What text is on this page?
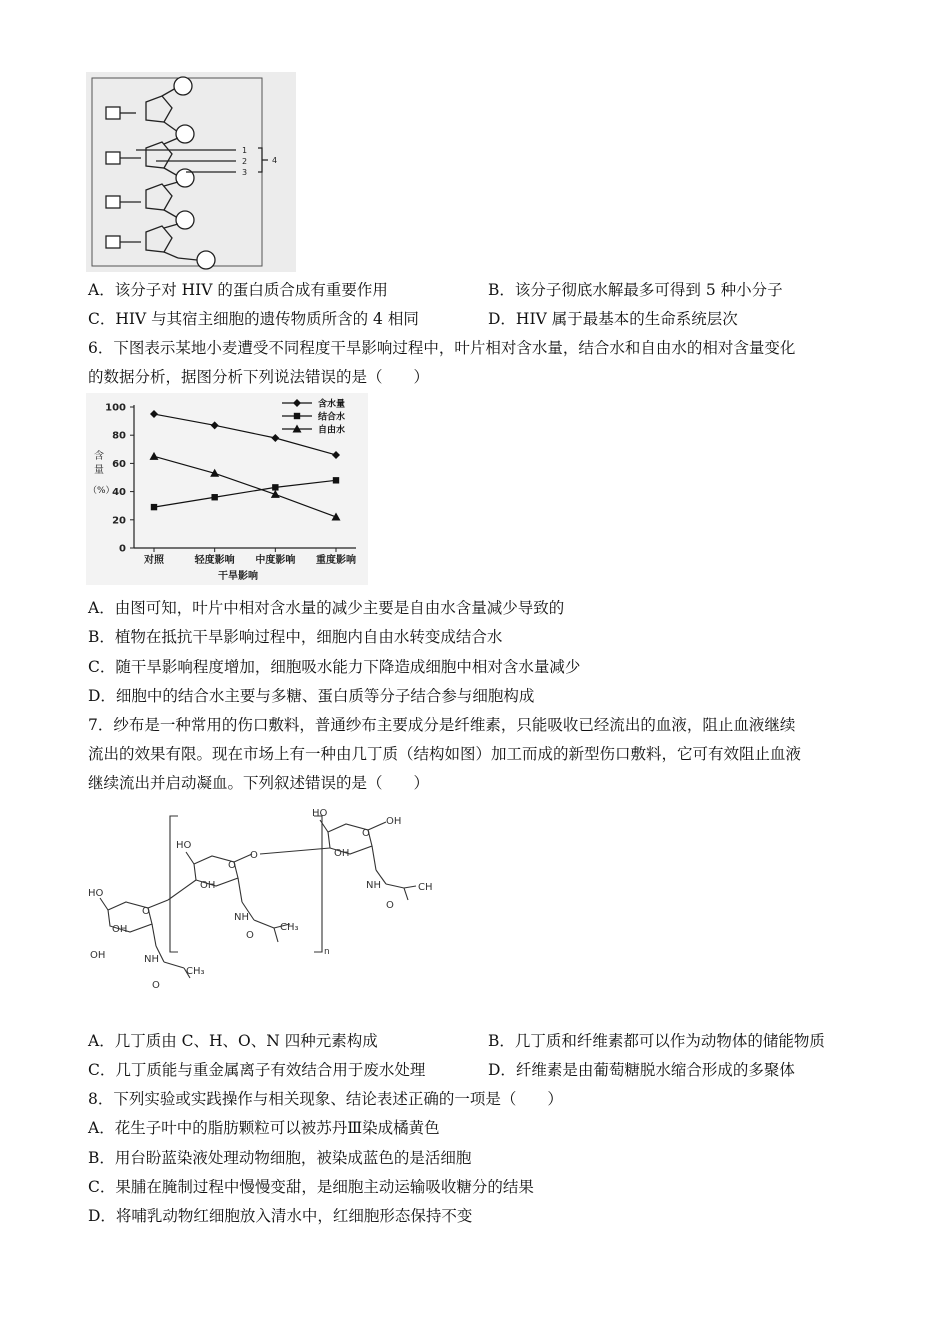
1
2
3
4
A．该分子对 HIV 的蛋白质合成有重要作用	B．该分子彻底水解最多可得到 5 种小分子
C．HIV 与其宿主细胞的遗传物质所含的 4 相同	D．HIV 属于最基本的生命系统层次
6．下图表示某地小麦遭受不同程度干旱影响过程中，叶片相对含水量，结合水和自由水的相对含量变化
的数据分析，据图分析下列说法错误的是（　　）
含
量
（%）
0
20
40
60
80
100
对照	轻度影响 中度影响 重度影响
干旱影响
含水量
结合水
自由水
A．由图可知，叶片中相对含水量的减少主要是自由水含量减少导致的
B．植物在抵抗干旱影响过程中，细胞内自由水转变成结合水
C．随干旱影响程度增加，细胞吸水能力下降造成细胞中相对含水量减少
D．细胞中的结合水主要与多糖、蛋白质等分子结合参与细胞构成
7．纱布是一种常用的伤口敷料，普通纱布主要成分是纤维素，只能吸收已经流出的血液，阻止血液继续
流出的效果有限。现在市场上有一种由几丁质（结构如图）加工而成的新型伤口敷料，它可有效阻止血液
继续流出并启动凝血。下列叙述错误的是（　　）
HO
OH
OH
O
NH
CH₃
O
HO
OH
O
O
NH
CH₃
O
n
HO
OH
O
OH
NH	CH
O
A．几丁质由 C、H、O、N 四种元素构成	B．几丁质和纤维素都可以作为动物体的储能物质
C．几丁质能与重金属离子有效结合用于废水处理	D．纤维素是由葡萄糖脱水缩合形成的多聚体
8．下列实验或实践操作与相关现象、结论表述正确的一项是（　　）
A．花生子叶中的脂肪颗粒可以被苏丹Ⅲ染成橘黄色
B．用台盼蓝染液处理动物细胞，被染成蓝色的是活细胞
C．果脯在腌制过程中慢慢变甜，是细胞主动运输吸收糖分的结果
D．将哺乳动物红细胞放入清水中，红细胞形态保持不变
